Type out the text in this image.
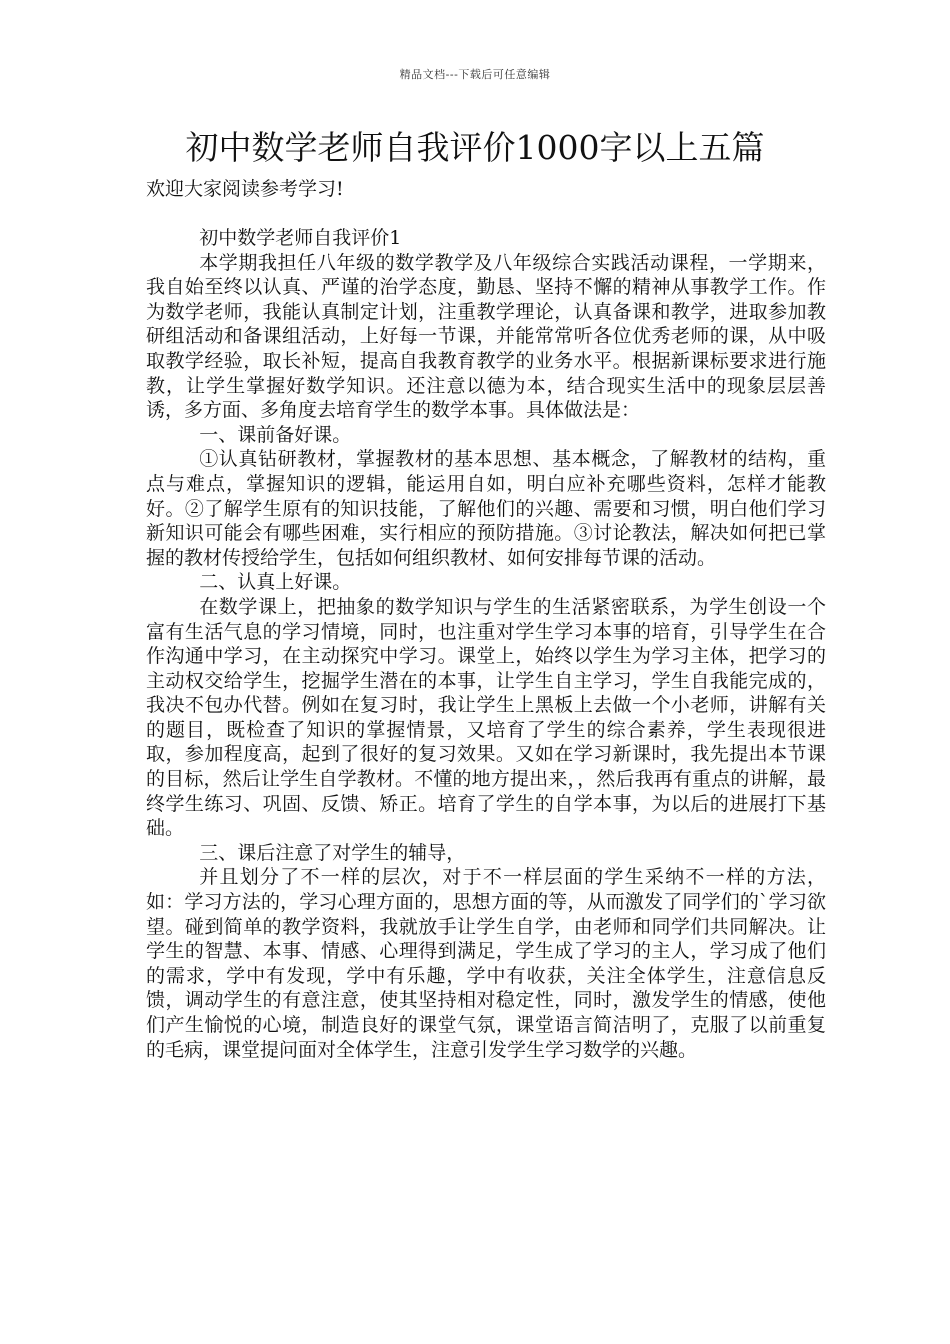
精品文档---下载后可任意编辑
初中数学老师自我评价1000字以上五篇
欢迎大家阅读参考学习!

初中数学老师自我评价1

本学期我担任八年级的数学教学及八年级综合实践活动课程，一学期来，我自始至终以认真、严谨的治学态度，勤恳、坚持不懈的精神从事教学工作。作为数学老师，我能认真制定计划，注重教学理论，认真备课和教学，进取参加教研组活动和备课组活动，上好每一节课，并能常常听各位优秀老师的课，从中吸取教学经验，取长补短，提高自我教育教学的业务水平。根据新课标要求进行施教，让学生掌握好数学知识。还注意以德为本，结合现实生活中的现象层层善诱，多方面、多角度去培育学生的数学本事。具体做法是：

一、课前备好课。

①认真钻研教材，掌握教材的基本思想、基本概念，了解教材的结构，重点与难点，掌握知识的逻辑，能运用自如，明白应补充哪些资料，怎样才能教好。②了解学生原有的知识技能，了解他们的兴趣、需要和习惯，明白他们学习新知识可能会有哪些困难，实行相应的预防措施。③讨论教法，解决如何把已掌握的教材传授给学生，包括如何组织教材、如何安排每节课的活动。

二、认真上好课。

在数学课上，把抽象的数学知识与学生的生活紧密联系，为学生创设一个富有生活气息的学习情境，同时，也注重对学生学习本事的培育，引导学生在合作沟通中学习，在主动探究中学习。课堂上，始终以学生为学习主体，把学习的主动权交给学生，挖掘学生潜在的本事，让学生自主学习，学生自我能完成的，我决不包办代替。例如在复习时，我让学生上黑板上去做一个小老师，讲解有关的题目，既检查了知识的掌握情景，又培育了学生的综合素养，学生表现很进取，参加程度高，起到了很好的复习效果。又如在学习新课时，我先提出本节课的目标，然后让学生自学教材。不懂的地方提出来，，然后我再有重点的讲解，最终学生练习、巩固、反馈、矫正。培育了学生的自学本事，为以后的进展打下基础。

三、课后注意了对学生的辅导，

并且划分了不一样的层次，对于不一样层面的学生采纳不一样的方法，如：学习方法的，学习心理方面的，思想方面的等，从而激发了同学们的`学习欲望。碰到简单的教学资料，我就放手让学生自学，由老师和同学们共同解决。让学生的智慧、本事、情感、心理得到满足，学生成了学习的主人，学习成了他们的需求，学中有发现，学中有乐趣，学中有收获，关注全体学生，注意信息反馈，调动学生的有意注意，使其坚持相对稳定性，同时，激发学生的情感，使他们产生愉悦的心境，制造良好的课堂气氛，课堂语言简洁明了，克服了以前重复的毛病，课堂提问面对全体学生，注意引发学生学习数学的兴趣。
